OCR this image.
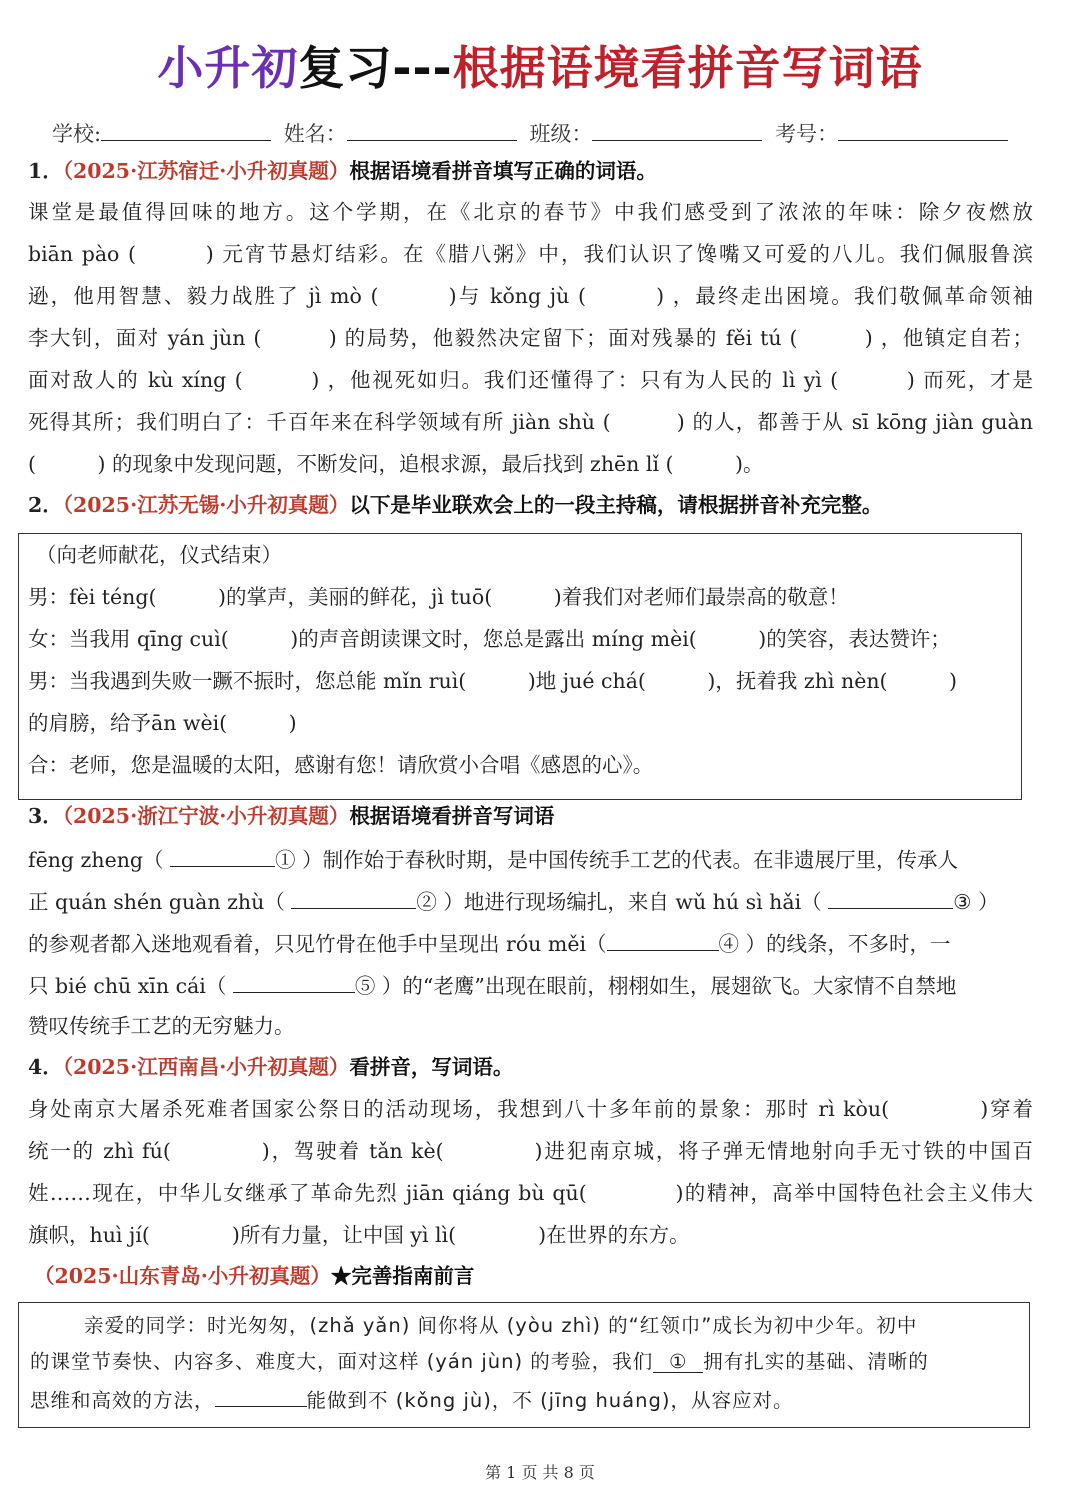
小升初复习---根据语境看拼音写词语
学校:	姓名：	班级：	考号：
1．（2025·江苏宿迁·小升初真题）根据语境看拼音填写正确的词语。
课堂是最值得回味的地方。这个学期，在《北京的春节》中我们感受到了浓浓的年味：除夕夜燃放
biān pào (　　　) 元宵节悬灯结彩。在《腊八粥》中，我们认识了馋嘴又可爱的八儿。我们佩服鲁滨
逊，他用智慧、毅力战胜了 jì mò (　　　)与 kǒng jù (　　　) ，最终走出困境。我们敬佩革命领袖
李大钊，面对 yán jùn (　　　) 的局势，他毅然决定留下；面对残暴的 fěi tú (　　　) ，他镇定自若；
面对敌人的 kù xíng (　　　) ，他视死如归。我们还懂得了：只有为人民的 lì yì (　　　) 而死，才是
死得其所；我们明白了：千百年来在科学领域有所 jiàn shù (　　　) 的人，都善于从 sī kōng jiàn guàn
(　　　) 的现象中发现问题，不断发问，追根求源，最后找到 zhēn lǐ (　　　)。
2．（2025·江苏无锡·小升初真题）以下是毕业联欢会上的一段主持稿，请根据拼音补充完整。
（向老师献花，仪式结束）
男：fèi téng(　　　)的掌声，美丽的鲜花，jì tuō(　　　)着我们对老师们最崇高的敬意！
女：当我用 qīng cuì(　　　)的声音朗读课文时，您总是露出 míng mèi(　　　)的笑容，表达赞许；
男：当我遇到失败一蹶不振时，您总能 mǐn ruì(　　　)地 jué chá(　　　)，抚着我 zhì nèn(　　　)
的肩膀，给予ān wèi(　　　)
合：老师，您是温暖的太阳，感谢有您！请欣赏小合唱《感恩的心》。
3．（2025·浙江宁波·小升初真题）根据语境看拼音写词语
fēng zheng（	① ）制作始于春秋时期，是中国传统手工艺的代表。在非遗展厅里，传承人
正 quán shén guàn zhù（	② ）地进行现场编扎，来自 wǔ hú sì hǎi（	③ ）
的参观者都入迷地观看着，只见竹骨在他手中呈现出 róu měi（	④ ）的线条，不多时，一
只 bié chū xīn cái（	⑤ ）的“老鹰”出现在眼前，栩栩如生，展翅欲飞。大家情不自禁地
赞叹传统手工艺的无穷魅力。
4．（2025·江西南昌·小升初真题）看拼音，写词语。
身处南京大屠杀死难者国家公祭日的活动现场，我想到八十多年前的景象：那时 rì kòu(　　　　)穿着
统一的 zhì fú(　　　　)，驾驶着 tǎn kè(　　　　)进犯南京城，将子弹无情地射向手无寸铁的中国百
姓……现在，中华儿女继承了革命先烈 jiān qiáng bù qū(　　　　)的精神，高举中国特色社会主义伟大
旗帜，huì jí(　　　　)所有力量，让中国 yì lì(　　　　)在世界的东方。
（2025·山东青岛·小升初真题）★完善指南前言
亲爱的同学：时光匆匆，(zhǎ yǎn) 间你将从 (yòu zhì) 的“红领巾”成长为初中少年。初中
的课堂节奏快、内容多、难度大，面对这样 (yán jùn) 的考验，我们 ① 拥有扎实的基础、清晰的
思维和高效的方法，	能做到不 (kǒng jù)，不 (jīng huáng)，从容应对。
第 1 页 共 8 页
